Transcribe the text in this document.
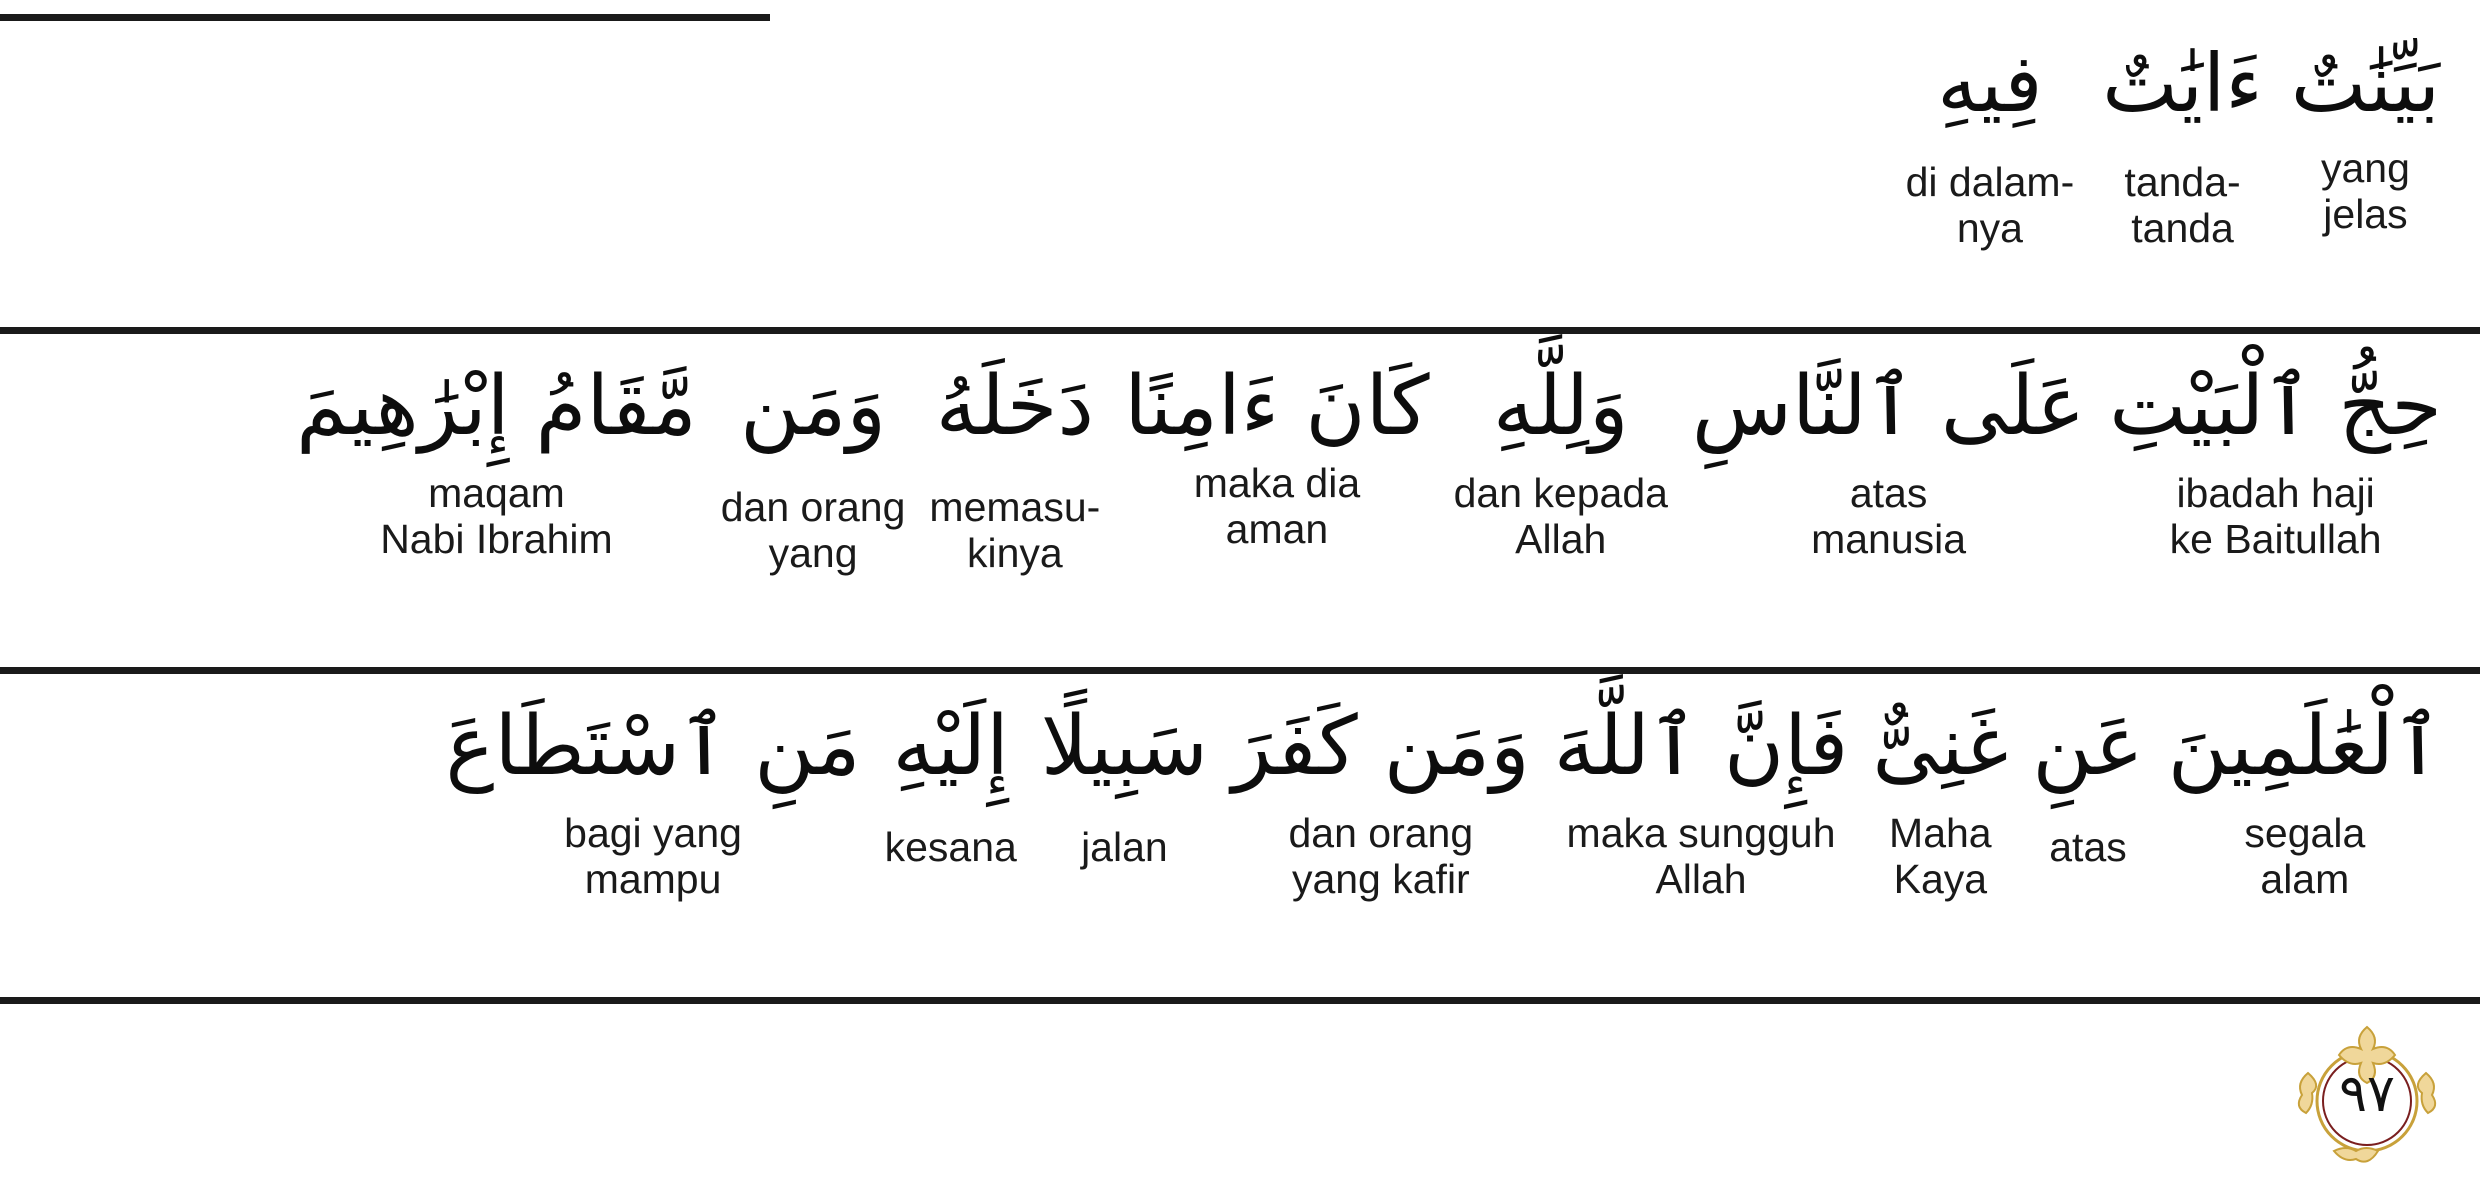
بَيِّنَٰتٌ
yang
jelas
ءَايَٰتٌ
tanda-
tanda
فِيهِ
di dalam-
nya
حِجُّ ٱلْبَيْتِ
ibadah haji
ke Baitullah
عَلَى ٱلنَّاسِ
atas
manusia
وَلِلَّهِ
dan kepada
Allah
كَانَ ءَامِنًا
maka dia
aman
دَخَلَهُ
memasu-
kinya
وَمَن
dan orang
yang
مَّقَامُ إِبْرَٰهِيمَ
maqam
Nabi Ibrahim
ٱلْعَٰلَمِينَ
segala
alam
عَنِ
atas
غَنِىٌّ
Maha
Kaya
فَإِنَّ ٱللَّهَ
maka sungguh
Allah
وَمَن كَفَرَ
dan orang
yang kafir
سَبِيلًا
jalan
إِلَيْهِ
kesana
مَنِ ٱسْتَطَاعَ
bagi yang
mampu
٩٧
